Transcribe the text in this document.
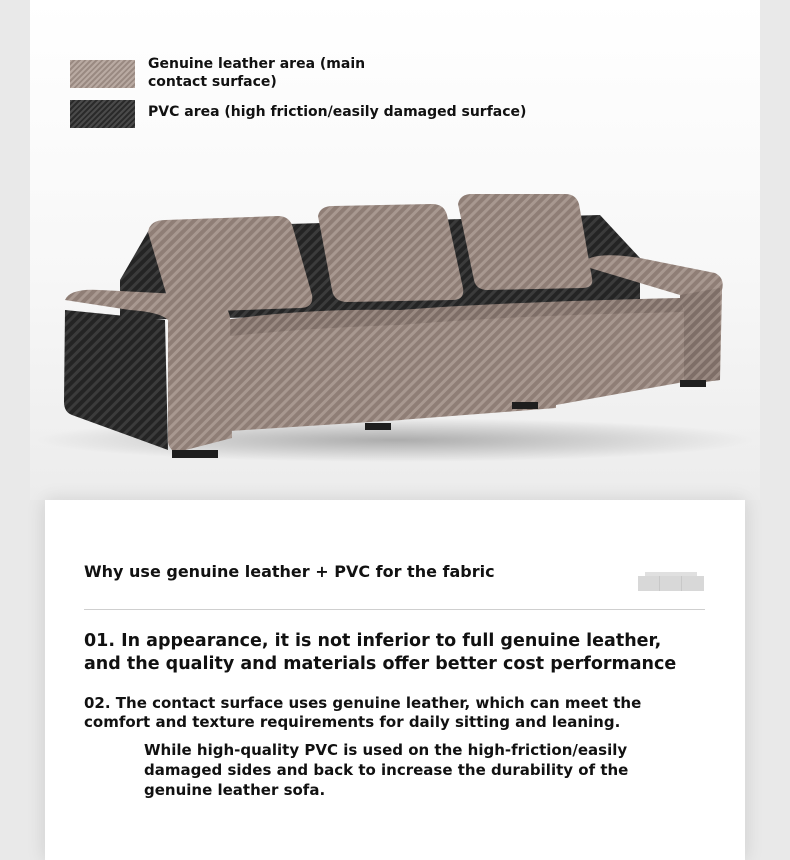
Genuine leather area (main contact surface)
PVC area (high friction/easily damaged surface)
Why use genuine leather + PVC for the fabric
01. In appearance, it is not inferior to full genuine leather, and the quality and materials offer better cost performance
02. The contact surface uses genuine leather, which can meet the comfort and texture requirements for daily sitting and leaning.
While high-quality PVC is used on the high-friction/easily damaged sides and back to increase the durability of the genuine leather sofa.
